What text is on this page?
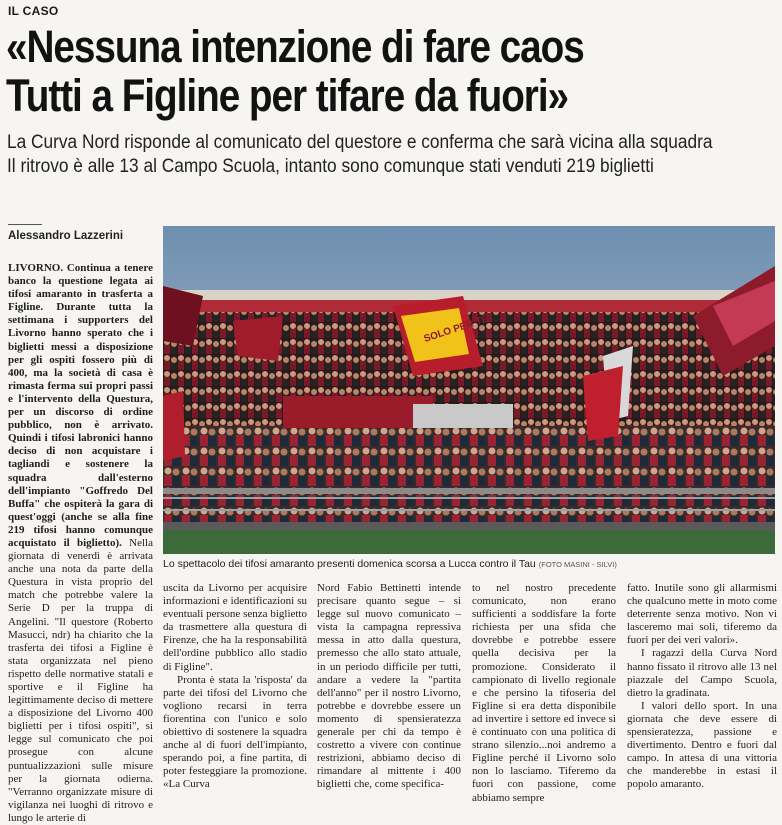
IL CASO
«Nessuna intenzione di fare caos
Tutti a Figline per tifare da fuori»
La Curva Nord risponde al comunicato del questore e conferma che sarà vicina alla squadra
Il ritrovo è alle 13 al Campo Scuola, intanto sono comunque stati venduti 219 biglietti
Alessandro Lazzerini

LIVORNO. Continua a tenere banco la questione legata ai tifosi amaranto in trasferta a Figline. Durante tutta la settimana i supporters del Livorno hanno sperato che i biglietti messi a disposizione per gli ospiti fossero più di 400, ma la società di casa è rimasta ferma sui propri passi e l'intervento della Questura, per un discorso di ordine pubblico, non è arrivato. Quindi i tifosi labronici hanno deciso di non acquistare i tagliandi e sostenere la squadra dall'esterno dell'impianto "Goffredo Del Buffa" che ospiterà la gara di quest'oggi (anche se alla fine 219 tifosi hanno comunque acquistato il biglietto). Nella giornata di venerdì è arrivata anche una nota da parte della Questura in vista proprio del match che potrebbe valere la Serie D per la truppa di Angelini. "Il questore (Roberto Masucci, ndr) ha chiarito che la trasferta dei tifosi a Figline è stata organizzata nel pieno rispetto delle normative statali e sportive e il Figline ha legittimamente deciso di mettere a disposizione del Livorno 400 biglietti per i tifosi ospiti", si legge sul comunicato che poi prosegue con alcune puntualizzazioni sulle misure per la giornata odierna. "Verranno organizzate misure di vigilanza nei luoghi di ritrovo e lungo le arterie di

SOLO PER TE
Lo spettacolo dei tifosi amaranto presenti domenica scorsa a Lucca contro il Tau (FOTO MASINI - SILVI)

uscita da Livorno per acquisire informazioni e identificazioni su eventuali persone senza biglietto da trasmettere alla questura di Firenze, che ha la responsabilità dell'ordine pubblico allo stadio di Figline".

Pronta è stata la 'risposta' da parte dei tifosi del Livorno che vogliono recarsi in terra fiorentina con l'unico e solo obiettivo di sostenere la squadra anche al di fuori dell'impianto, sperando poi, a fine partita, di poter festeggiare la promozione. «La Curva

Nord Fabio Bettinetti intende precisare quanto segue – si legge sul nuovo comunicato – vista la campagna repressiva messa in atto dalla questura, premesso che allo stato attuale, in un periodo difficile per tutti, andare a vedere la "partita dell'anno" per il nostro Livorno, potrebbe e dovrebbe essere un momento di spensieratezza generale per chi da tempo è costretto a vivere con continue restrizioni, abbiamo deciso di rimandare al mittente i 400 biglietti che, come specifica-

to nel nostro precedente comunicato, non erano sufficienti a soddisfare la forte richiesta per una sfida che dovrebbe e potrebbe essere quella decisiva per la promozione. Considerato il campionato di livello regionale e che persino la tifoseria del Figline si era detta disponibile ad invertire i settore ed invece si è continuato con una politica di strano silenzio...noi andremo a Figline perché il Livorno solo non lo lasciamo. Tiferemo da fuori con passione, come abbiamo sempre

fatto. Inutile sono gli allarmismi che qualcuno mette in moto come deterrente senza motivo. Non vi lasceremo mai soli, tiferemo da fuori per dei veri valori».

I ragazzi della Curva Nord hanno fissato il ritrovo alle 13 nel piazzale del Campo Scuola, dietro la gradinata.

I valori dello sport. In una giornata che deve essere di spensieratezza, passione e divertimento. Dentro e fuori dal campo. In attesa di una vittoria che manderebbe in estasi il popolo amaranto.
